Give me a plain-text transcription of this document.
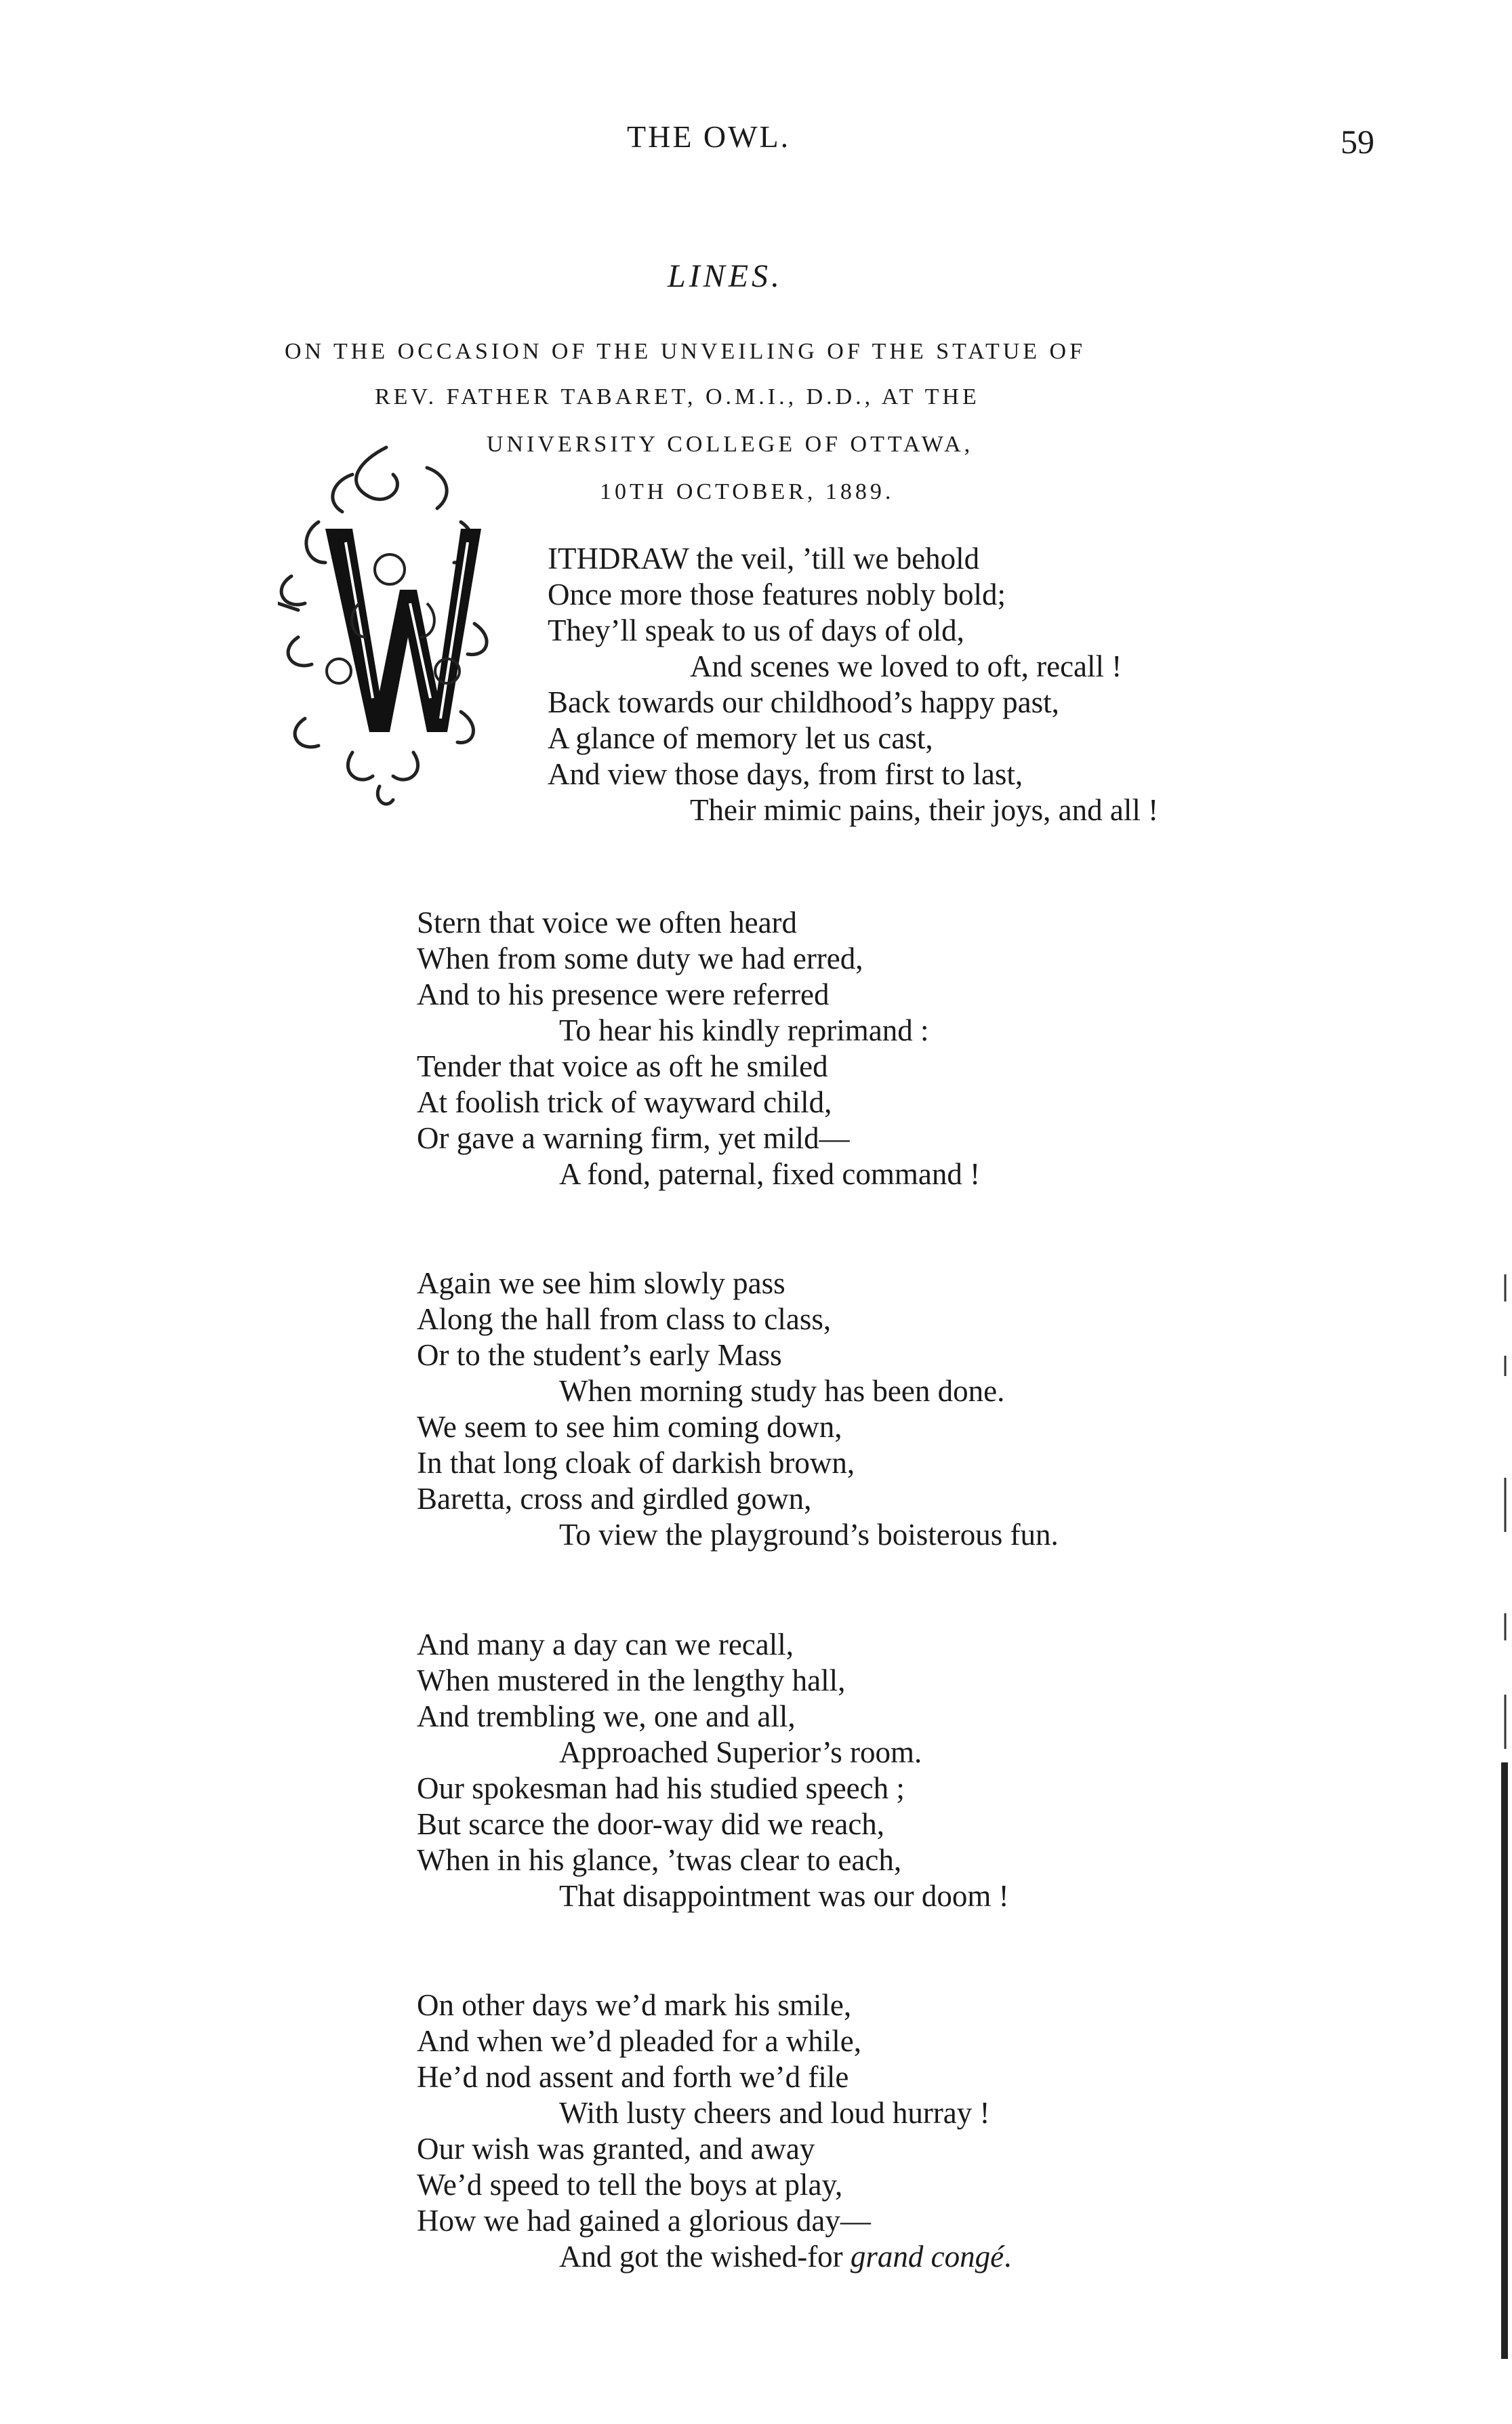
THE OWL.	59
LINES.
ON THE OCCASION OF THE UNVEILING OF THE STATUE OF
REV. FATHER TABARET, O.M.I., D.D., AT THE
UNIVERSITY COLLEGE OF OTTAWA,
10TH OCTOBER, 1889.
ITHDRAW the veil, ’till we behold
Once more those features nobly bold;
They’ll speak to us of days of old,
And scenes we loved to oft, recall !
Back towards our childhood’s happy past,
A glance of memory let us cast,
And view those days, from first to last,
Their mimic pains, their joys, and all !
Stern that voice we often heard
When from some duty we had erred,
And to his presence were referred
To hear his kindly reprimand :
Tender that voice as oft he smiled
At foolish trick of wayward child,
Or gave a warning firm, yet mild—
A fond, paternal, fixed command !
Again we see him slowly pass
Along the hall from class to class,
Or to the student’s early Mass
When morning study has been done.
We seem to see him coming down,
In that long cloak of darkish brown,
Baretta, cross and girdled gown,
To view the playground’s boisterous fun.
And many a day can we recall,
When mustered in the lengthy hall,
And trembling we, one and all,
Approached Superior’s room.
Our spokesman had his studied speech ;
But scarce the door-way did we reach,
When in his glance, ’twas clear to each,
That disappointment was our doom !
On other days we’d mark his smile,
And when we’d pleaded for a while,
He’d nod assent and forth we’d file
With lusty cheers and loud hurray !
Our wish was granted, and away
We’d speed to tell the boys at play,
How we had gained a glorious day—
And got the wished-for grand congé.
